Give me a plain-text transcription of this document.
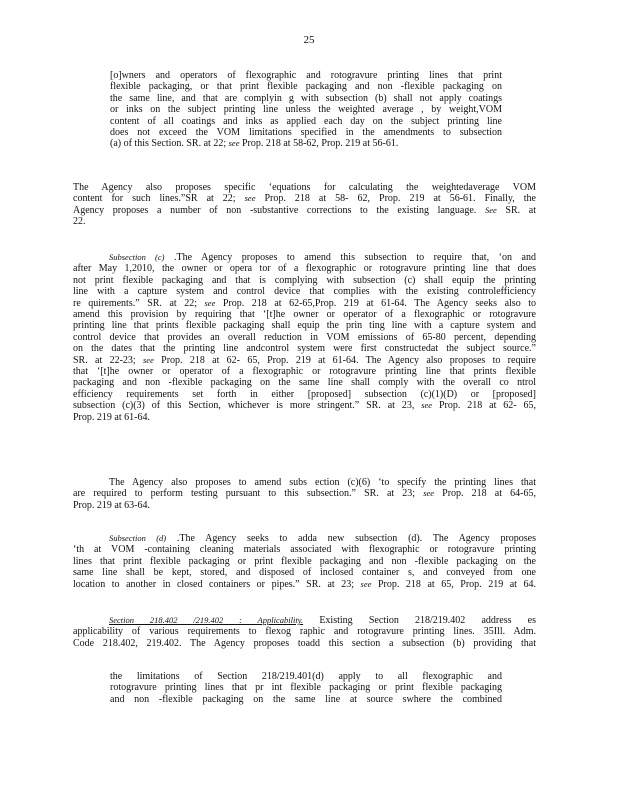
25
[o]wners and operators of flexographic and rotogravure printing lines that print
flexible packaging, or that print flexible packaging and non -flexible packaging on
the same line, and that are complyin g with subsection (b) shall not apply coatings
or inks on the subject printing line unless the weighted average , by weight,VOM
content of all coatings and inks as applied each day on the subject printing line
does not exceed the VOM limitations specified in the amendments to subsection
(a) of this Section. SR. at 22; see Prop. 218 at 58-62, Prop. 219 at 56-61.
The Agency also proposes specific ‘equations for calculating the weightedaverage VOM
content for such lines.”SR at 22; see Prop. 218 at 58- 62, Prop. 219 at 56-61. Finally, the
Agency proposes a number of non -substantive corrections to the existing language. See SR. at
22.
Subsection (c) .The Agency proposes to amend this subsection to require that, ‘on and
after May 1,2010, the owner or opera tor of a flexographic or rotogravure printing line that does
not print flexible packaging and that is complying with subsection (c) shall equip the printing
line with a capture system and control device that complies with the existing controlefficiency
re quirements.” SR. at 22; see Prop. 218 at 62-65,Prop. 219 at 61-64. The Agency seeks also to
amend this provision by requiring that ‘[t]he owner or operator of a flexographic or rotogravure
printing line that prints flexible packaging shall equip the prin ting line with a capture system and
control device that provides an overall reduction in VOM emissions of 65-80 percent, depending
on the dates that the printing line andcontrol system were first constructedat the subject source.”
SR. at 22-23; see Prop. 218 at 62- 65, Prop. 219 at 61-64. The Agency also proposes to require
that ‘[t]he owner or operator of a flexographic or rotogravure printing line that prints flexible
packaging and non -flexible packaging on the same line shall comply with the overall co ntrol
efficiency requirements set forth in either [proposed] subsection (c)(1)(D) or [proposed]
subsection (c)(3) of this Section, whichever is more stringent.” SR. at 23, see Prop. 218 at 62- 65,
Prop. 219 at 61-64.
The Agency also proposes to amend subs ection (c)(6) ‘to specify the printing lines that
are required to perform testing pursuant to this subsection.” SR. at 23; see Prop. 218 at 64-65,
Prop. 219 at 63-64.
Subsection (d) .The Agency seeks to adda new subsection (d). The Agency proposes
‘th at VOM -containing cleaning materials associated with flexographic or rotogravure printing
lines that print flexible packaging or print flexible packaging and non -flexible packaging on the
same line shall be kept, stored, and disposed of inclosed container s, and conveyed from one
location to another in closed containers or pipes.” SR. at 23; see Prop. 218 at 65, Prop. 219 at 64.
Section 218.402 /219.402 : Applicability. Existing Section 218/219.402 address es
applicability of various requirements to flexog raphic and rotogravure printing lines. 35Ill. Adm.
Code 218.402, 219.402. The Agency proposes toadd this section a subsection (b) providing that
the limitations of Section 218/219.401(d) apply to all flexographic and
rotogravure printing lines that pr int flexible packaging or print flexible packaging
and non -flexible packaging on the same line at source swhere the combined
